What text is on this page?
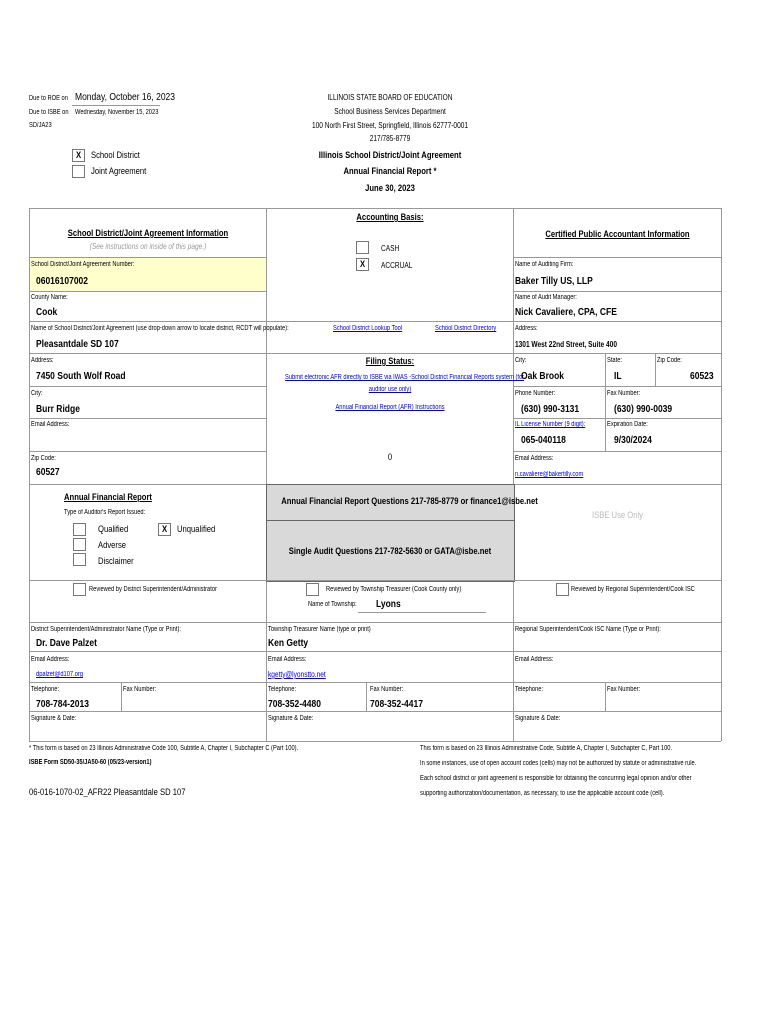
Due to ROE on Monday, October 16, 2023
Due to ISBE on Wednesday, November 15, 2023
SD/JA23
ILLINOIS STATE BOARD OF EDUCATION
School Business Services Department
100 North First Street, Springfield, Illinois 62777-0001
217/785-8779
Illinois School District/Joint Agreement
Annual Financial Report *
June 30, 2023
X School District
Joint Agreement
School District/Joint Agreement Information
(See instructions on inside of this page.)
School District/Joint Agreement Number:
06016107002
County Name:
Cook
Name of School District/Joint Agreement (use drop-down arrow to locate district, RCDT will populate):
Pleasantdale SD 107
Address:
7450 South Wolf Road
City:
Burr Ridge
Email Address:
Zip Code:
60527
Annual Financial Report
Type of Auditor's Report Issued:
Qualified
Adverse
Disclaimer
X Unqualified
Accounting Basis:
CASH
X ACCRUAL
School District Lookup Tool	School District Directory
Filing Status:
Submit electronic AFR directly to ISBE via IWAS -School District Financial Reports system (for
auditor use only)
Annual Financial Report (AFR) Instructions
0
Annual Financial Report Questions 217-785-8779 or finance1@isbe.net
Single Audit Questions 217-782-5630 or GATA@isbe.net
Certified Public Accountant Information
Name of Auditing Firm:
Baker Tilly US, LLP
Name of Audit Manager:
Nick Cavaliere, CPA, CFE
Address:
1301 West 22nd Street, Suite 400
City:
Oak Brook
State:
IL
Zip Code:
60523
Phone Number:
(630) 990-3131
Fax Number:
(630) 990-0039
IL License Number (9 digit):
065-040118
Expiration Date:
9/30/2024
Email Address:
n.cavaliere@bakertilly.com
ISBE Use Only
Reviewed by District Superintendent/Administrator	Reviewed by Township Treasurer (Cook County only)
Name of Township: Lyons
Reviewed by Regional Superintendent/Cook ISC
District Superintendent/Administrator Name (Type or Print):
Dr. Dave Palzet
Email Address:
dpalzet@d107.org
Telephone:
708-784-2013
Fax Number:
Signature & Date:
Township Treasurer Name (type or print)
Ken Getty
Email Address:
kgetty@lyonstto.net
Telephone:
708-352-4480
Fax Number:
708-352-4417
Signature & Date:
Regional Superintendent/Cook ISC Name (Type or Print):
Email Address:
Telephone:	Fax Number:
Signature & Date:
* This form is based on 23 Illinois Administrative Code 100, Subtitle A, Chapter I, Subchapter C (Part 100).
ISBE Form SD50-35/JA50-60 (05/23-version1)
06-016-1070-02_AFR22 Pleasantdale SD 107
This form is based on 23 Illinois Administrative Code, Subtitle A, Chapter I, Subchapter C, Part 100.
In some instances, use of open account codes (cells) may not be authorized by statute or administrative rule.
Each school district or joint agreement is responsible for obtaining the concurring legal opinion and/or other
supporting authorization/documentation, as necessary, to use the applicable account code (cell).
